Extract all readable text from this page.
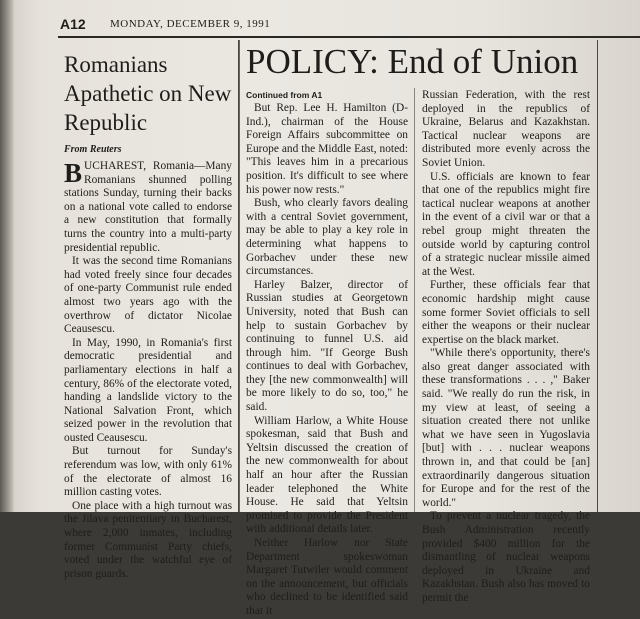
A12 MONDAY, DECEMBER 9, 1991
Romanians Apathetic on New Republic
From Reuters

BUCHAREST, Romania—Many Romanians shunned polling stations Sunday, turning their backs on a national vote called to endorse a new constitution that formally turns the country into a multi-party presidential republic.

It was the second time Romanians had voted freely since four decades of one-party Communist rule ended almost two years ago with the overthrow of dictator Nicolae Ceausescu.

In May, 1990, in Romania's first democratic presidential and parliamentary elections in half a century, 86% of the electorate voted, handing a landslide victory to the National Salvation Front, which seized power in the revolution that ousted Ceausescu.

But turnout for Sunday's referendum was low, with only 61% of the electorate of almost 16 million casting votes.

One place with a high turnout was the Jilava penitentiary in Bucharest, where 2,000 inmates, including former Communist Party chiefs, voted under the watchful eye of prison guards.

POLICY: End of Union
Continued from A1

But Rep. Lee H. Hamilton (D-Ind.), chairman of the House Foreign Affairs subcommittee on Europe and the Middle East, noted: "This leaves him in a precarious position. It's difficult to see where his power now rests."

Bush, who clearly favors dealing with a central Soviet government, may be able to play a key role in determining what happens to Gorbachev under these new circumstances.

Harley Balzer, director of Russian studies at Georgetown University, noted that Bush can help to sustain Gorbachev by continuing to funnel U.S. aid through him. "If George Bush continues to deal with Gorbachev, they [the new commonwealth] will be more likely to do so, too," he said.

William Harlow, a White House spokesman, said that Bush and Yeltsin discussed the creation of the new commonwealth for about half an hour after the Russian leader telephoned the White House. He said that Yeltsin promised to provide the President with additional details later.

Neither Harlow nor State Department spokeswoman Margaret Tutwiler would comment on the announcement, but officials who declined to be identified said that it

Russian Federation, with the rest deployed in the republics of Ukraine, Belarus and Kazakhstan. Tactical nuclear weapons are distributed more evenly across the Soviet Union.

U.S. officials are known to fear that one of the republics might fire tactical nuclear weapons at another in the event of a civil war or that a rebel group might threaten the outside world by capturing control of a strategic nuclear missile aimed at the West.

Further, these officials fear that economic hardship might cause some former Soviet officials to sell either the weapons or their nuclear expertise on the black market.

"While there's opportunity, there's also great danger associated with these transformations . . . ," Baker said. "We really do run the risk, in my view at least, of seeing a situation created there not unlike what we have seen in Yugoslavia [but] with . . . nuclear weapons thrown in, and that could be [an] extraordinarily dangerous situation for Europe and for the rest of the world."

To prevent a nuclear tragedy, the Bush Administration recently provided $400 million for the dismantling of nuclear weapons deployed in Ukraine and Kazakhstan. Bush also has moved to permit the
